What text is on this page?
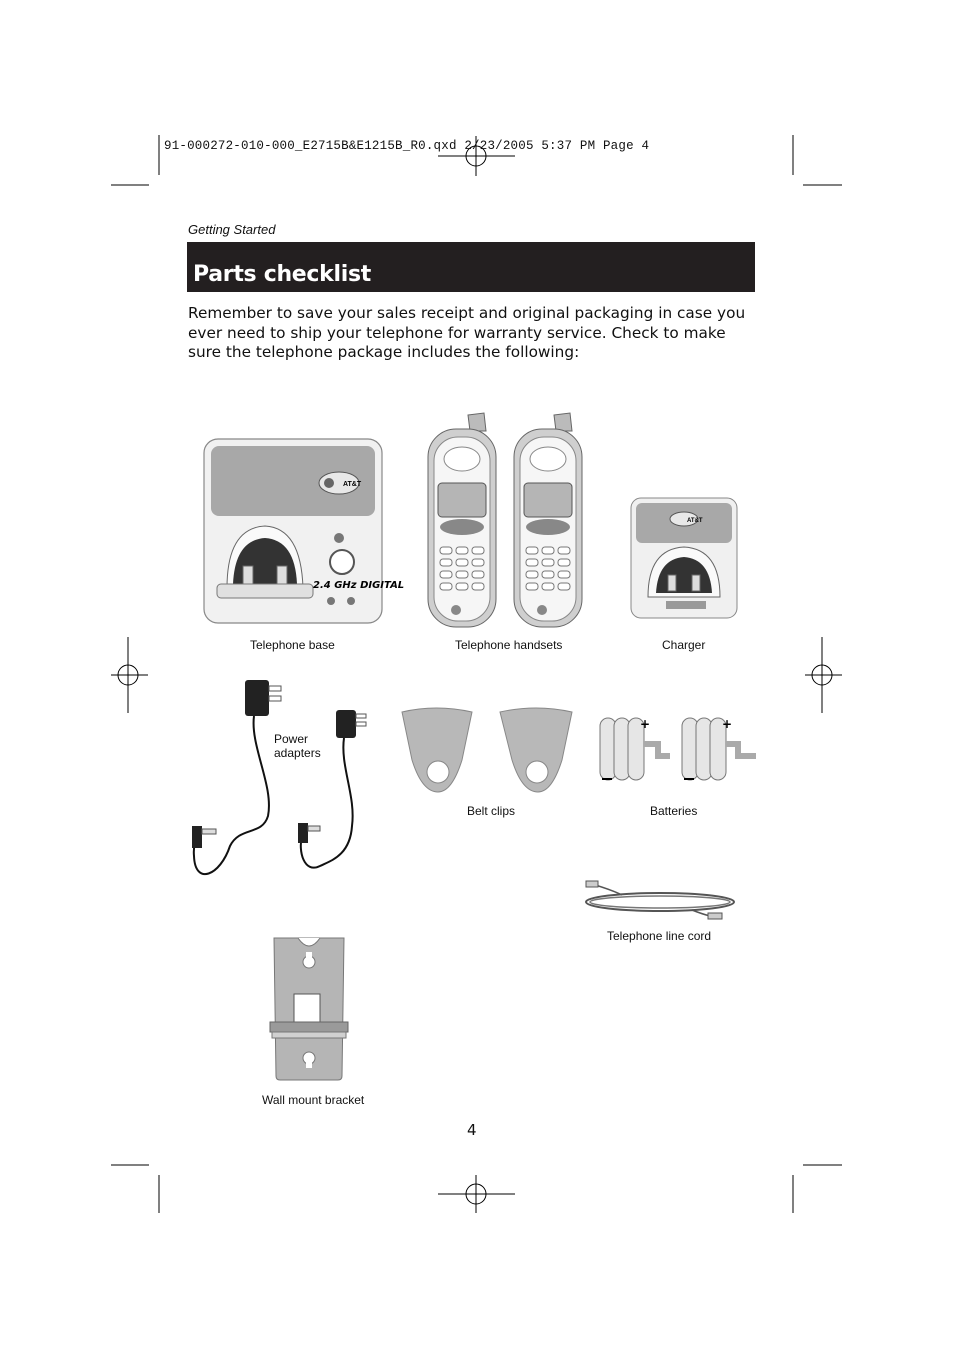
91-000272-010-000_E2715B&E1215B_R0.qxd 2/23/2005 5:37 PM Page 4
Getting Started
Parts checklist
Remember to save your sales receipt and original packaging in case you ever need to ship your telephone for warranty service. Check to make sure the telephone package includes the following:
2.4 GHz DIGITAL
AT&T
AT&T
Telephone base	Telephone handsets	Charger
Power
adapters
Belt clips
+	+
Batteries
Telephone line cord
Wall mount bracket
4
